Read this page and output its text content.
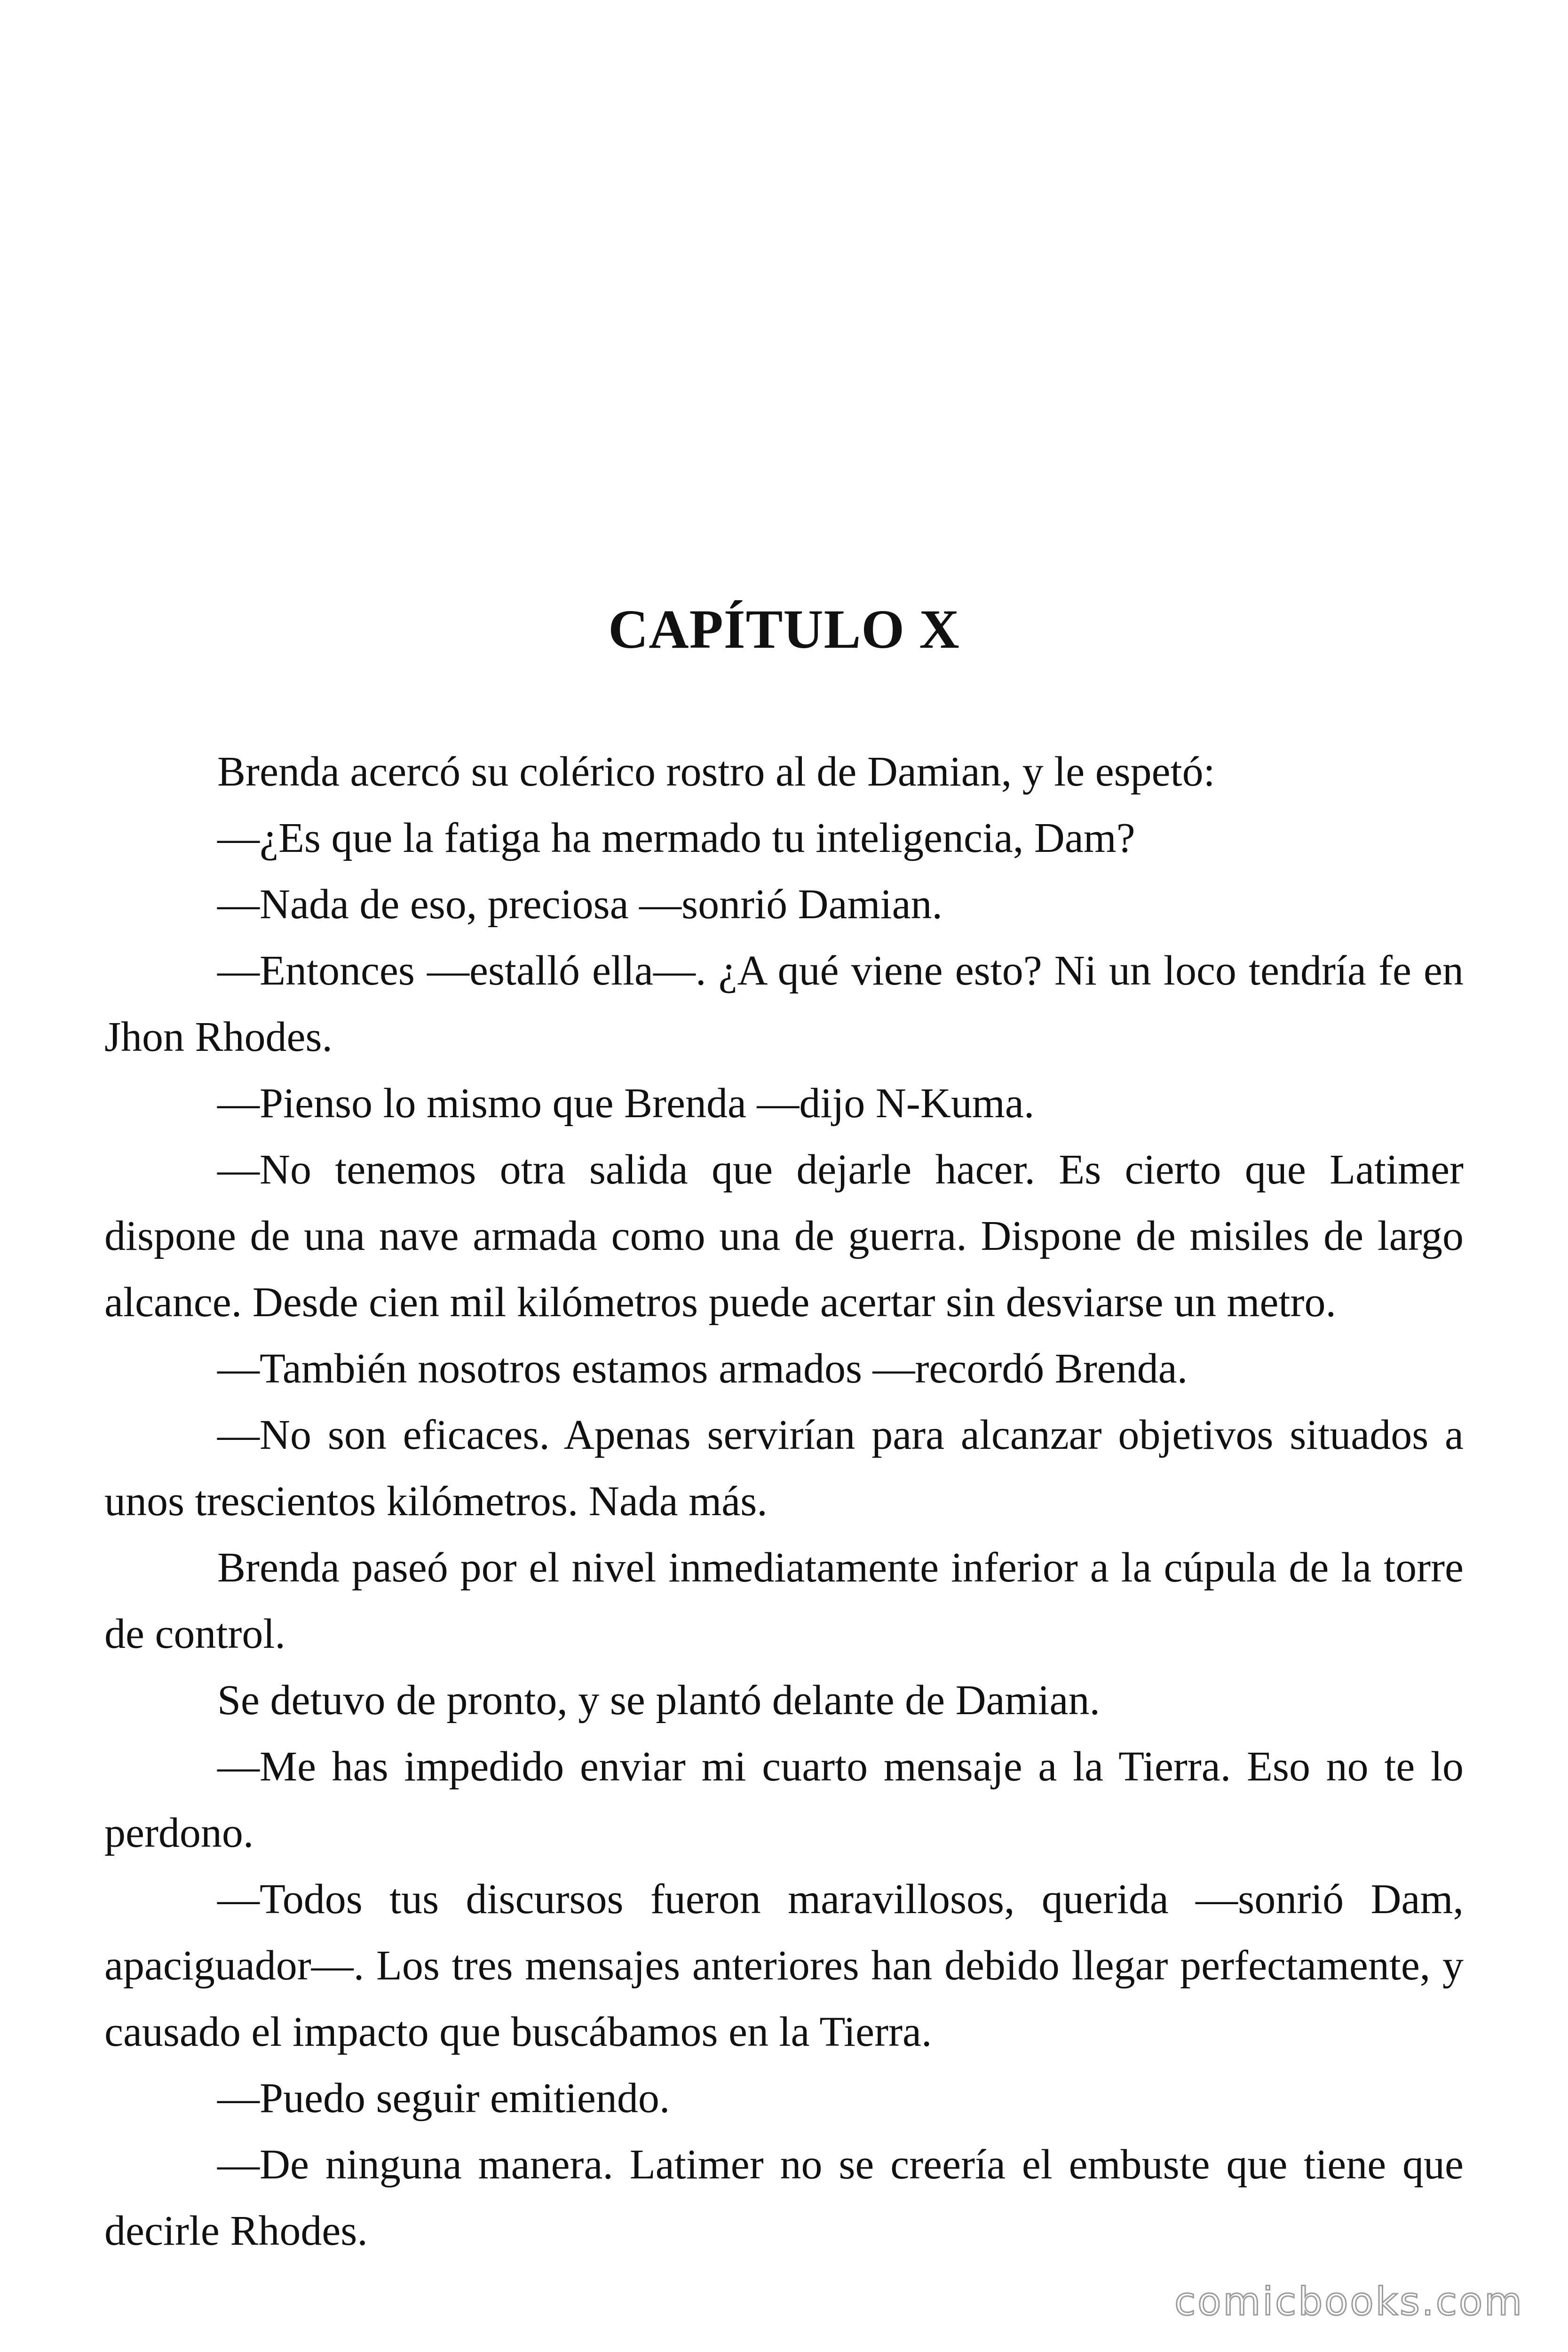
CAPÍTULO X

Brenda acercó su colérico rostro al de Damian, y le espetó:

—¿Es que la fatiga ha mermado tu inteligencia, Dam?

—Nada de eso, preciosa —sonrió Damian.

—Entonces —estalló ella—. ¿A qué viene esto? Ni un loco tendría fe en Jhon Rhodes.

—Pienso lo mismo que Brenda —dijo N-Kuma.

—No tenemos otra salida que dejarle hacer. Es cierto que Latimer dispone de una nave armada como una de guerra. Dispone de misiles de largo alcance. Desde cien mil kilómetros puede acertar sin desviarse un metro.

—También nosotros estamos armados —recordó Brenda.

—No son eficaces. Apenas servirían para alcanzar objetivos situados a unos trescientos kilómetros. Nada más.

Brenda paseó por el nivel inmediatamente inferior a la cúpula de la torre de control.

Se detuvo de pronto, y se plantó delante de Damian.

—Me has impedido enviar mi cuarto mensaje a la Tierra. Eso no te lo perdono.

—Todos tus discursos fueron maravillosos, querida —sonrió Dam, apaciguador—. Los tres mensajes anteriores han debido llegar perfectamente, y causado el impacto que buscábamos en la Tierra.

—Puedo seguir emitiendo.

—De ninguna manera. Latimer no se creería el embuste que tiene que decirle Rhodes.

comicbooks.com
